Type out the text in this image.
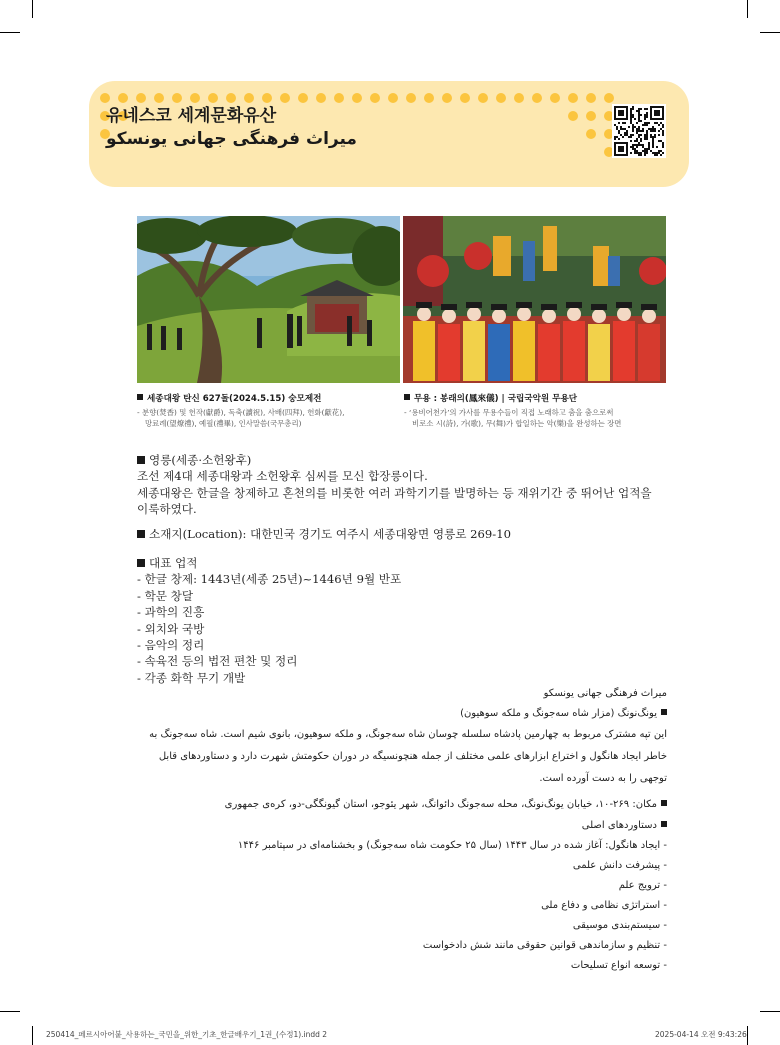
유네스코 세계문화유산
میراث فرهنگی جهانی یونسکو
세종대왕 탄신 627돌(2024.5.15) 숭모제전
- 분향(焚香) 및 헌작(獻爵), 독축(讀祝), 사배(四拜), 헌화(獻花),
망료례(望燎禮), 예필(禮畢), 인사말씀(국무총리)
무용 : 봉래의(鳳來儀) | 국립국악원 무용단
- ‘용비어천가’의 가사를 무용수들이 직접 노래하고 춤을 춤으로써
비로소 시(詩), 가(歌), 무(舞)가 합일하는 악(樂)을 완성하는 장면
영릉(세종·소헌왕후)
조선 제4대 세종대왕과 소헌왕후 심씨를 모신 합장릉이다.
세종대왕은 한글을 창제하고 혼천의를 비롯한 여러 과학기기를 발명하는 등 재위기간 중 뛰어난 업적을
이룩하였다.
소재지(Location): 대한민국 경기도 여주시 세종대왕면 영릉로 269-10
대표 업적
- 한글 창제: 1443년(세종 25년)~1446년 9월 반포
- 학문 창달
- 과학의 진흥
- 외치와 국방
- 음악의 정리
- 속육전 등의 법전 편찬 및 정리
- 각종 화학 무기 개발
میراث فرهنگی جهانی یونسکو
یونگ‌نونگ (مزار شاه سه‌جونگ و ملکه سوهیون)
این تپه مشترک مربوط به چهارمین پادشاه سلسله چوسان شاه سه‌جونگ، و ملکه سوهیون، بانوی شیم است. شاه سه‌جونگ به
خاطر ایجاد هانگول و اختراع ابزارهای علمی مختلف از جمله هنچونسیگه در دوران حکومتش شهرت دارد و دستاوردهای قابل
توجهی را به دست آورده است.
مکان: ۲۶۹-۱۰، خیابان یونگ‌نونگ، محله سه‌جونگ دائوانگ، شهر یئوجو، استان گیونگگی-دو، کره‌ی جمهوری
دستاوردهای اصلی
- ایجاد هانگول: آغاز شده در سال ۱۴۴۳ (سال ۲۵ حکومت شاه سه‌جونگ) و بخشنامه‌ای در سپتامبر ۱۴۴۶
- پیشرفت دانش علمی
- ترویج علم
- استراتژی نظامی و دفاع ملی
- سیستم‌بندی موسیقی
- تنظیم و سازماندهی قوانین حقوقی مانند شش دادخواست
- توسعه انواع تسلیحات
250414_페르시아어붙_사용하는_국민을_위한_기초_한글배우기_1권_(수정1).indd 2	2025-04-14 오전 9:43:26
